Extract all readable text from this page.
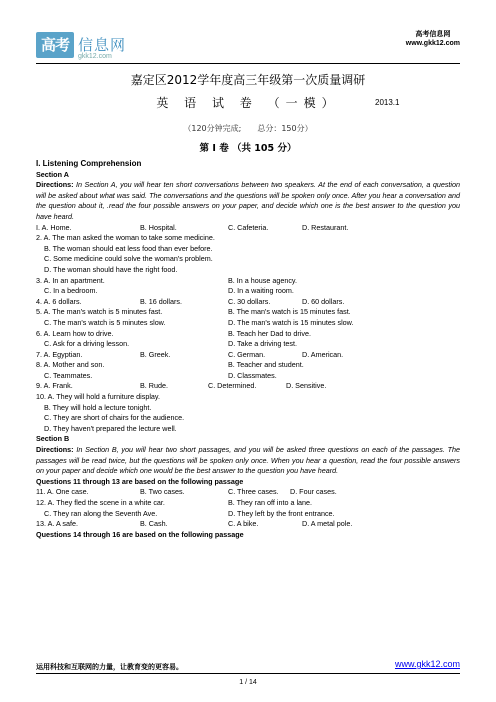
高考 信息网
gkk12.com
高考信息网
www.gkk12.com
嘉定区2012学年度高三年级第一次质量调研
英 语 试 卷 （一模）	2013.1
（120分钟完成;　　总分：150分）
第 I 卷 （共 105 分）
I. Listening Comprehension
Section A
Directions: In Section A, you will hear ten short conversations between two speakers. At the end of each conversation, a question will be asked about what was said. The conversations and the questions will be spoken only once. After you hear a conversation and the question about it, .read the four possible answers on your paper, and decide which one is the best answer to the question you have heard.
I. A. Home.	B. Hospital.	C. Cafeteria.	D. Restaurant.
2. A. The man asked the woman to take some medicine.
B. The woman should eat less food than ever before.
C. Some medicine could solve the woman's problem.
D. The woman should have the right food.
3. A. In an apartment.	B. In a house agency.
C. In a bedroom.	D. In a waiting room.
4. A. 6 dollars.	B. 16 dollars.	C. 30 dollars.	D. 60 dollars.
5. A. The man's watch is 5 minutes fast.	B. The man's watch is 15 minutes fast.
C. The man's watch is 5 minutes slow.	D. The man's watch is 15 minutes slow.
6. A. Learn how to drive.	B. Teach her Dad to drive.
C. Ask for a driving lesson.	D. Take a driving test.
7. A. Egyptian.	B. Greek.	C. German.	D. American.
8. A. Mother and son.	B. Teacher and student.
C. Teammates.	D. Classmates.
9. A. Frank.	B. Rude.	C. Determined.	D. Sensitive.
10. A. They will hold a furniture display.
B. They will hold a lecture tonight.
C. They are short of chairs for the audience.
D. They haven't prepared the lecture well.
Section B
Directions: In Section B, you will hear two short passages, and you will be asked three questions on each of the passages. The passages will be read twice, but the questions will be spoken only once. When you hear a question, read the four possible answers on your paper and decide which one would be the best answer to the question you have heard.
Questions 11 through 13 are based on the following passage
11. A. One case.	B. Two cases.	C. Three cases. D. Four cases.
12. A. They fled the scene in a white car.	B. They ran off into a lane.
C. They ran along the Seventh Ave.	D. They left by the front entrance.
13. A. A safe.	B. Cash.	C. A bike.	D. A metal pole.
Questions 14 through 16 are based on the following passage
运用科技和互联网的力量，让教育变的更容易。	www.gkk12.com
1 / 14
